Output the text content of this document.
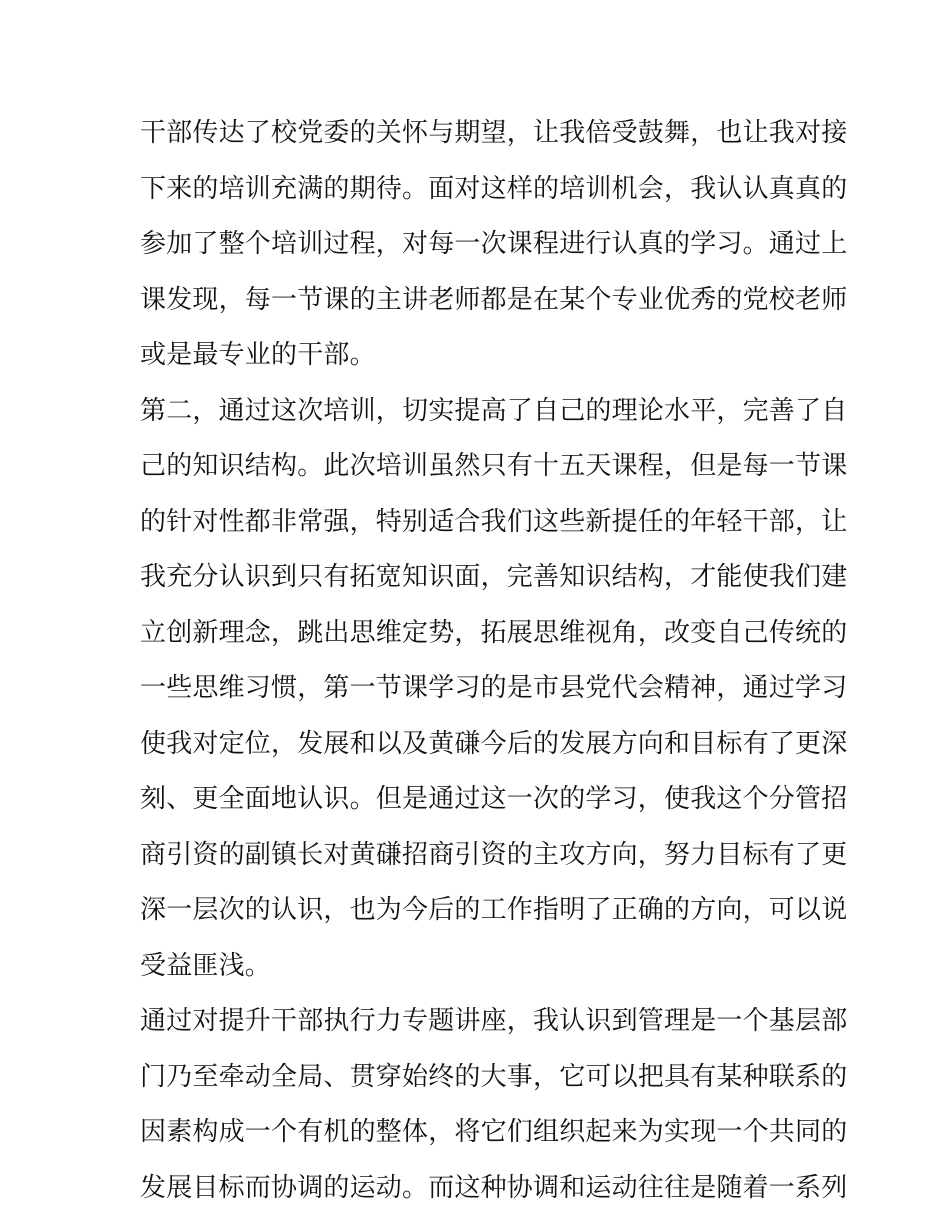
干部传达了校党委的关怀与期望，让我倍受鼓舞，也让我对接
下来的培训充满的期待。面对这样的培训机会，我认认真真的
参加了整个培训过程，对每一次课程进行认真的学习。通过上
课发现，每一节课的主讲老师都是在某个专业优秀的党校老师
或是最专业的干部。
第二，通过这次培训，切实提高了自己的理论水平，完善了自
己的知识结构。此次培训虽然只有十五天课程，但是每一节课
的针对性都非常强，特别适合我们这些新提任的年轻干部，让
我充分认识到只有拓宽知识面，完善知识结构，才能使我们建
立创新理念，跳出思维定势，拓展思维视角，改变自己传统的
一些思维习惯，第一节课学习的是市县党代会精神，通过学习
使我对定位，发展和以及黄磏今后的发展方向和目标有了更深
刻、更全面地认识。但是通过这一次的学习，使我这个分管招
商引资的副镇长对黄磏招商引资的主攻方向，努力目标有了更
深一层次的认识，也为今后的工作指明了正确的方向，可以说
受益匪浅。
通过对提升干部执行力专题讲座，我认识到管理是一个基层部
门乃至牵动全局、贯穿始终的大事，它可以把具有某种联系的
因素构成一个有机的整体，将它们组织起来为实现一个共同的
发展目标而协调的运动。而这种协调和运动往往是随着一系列
